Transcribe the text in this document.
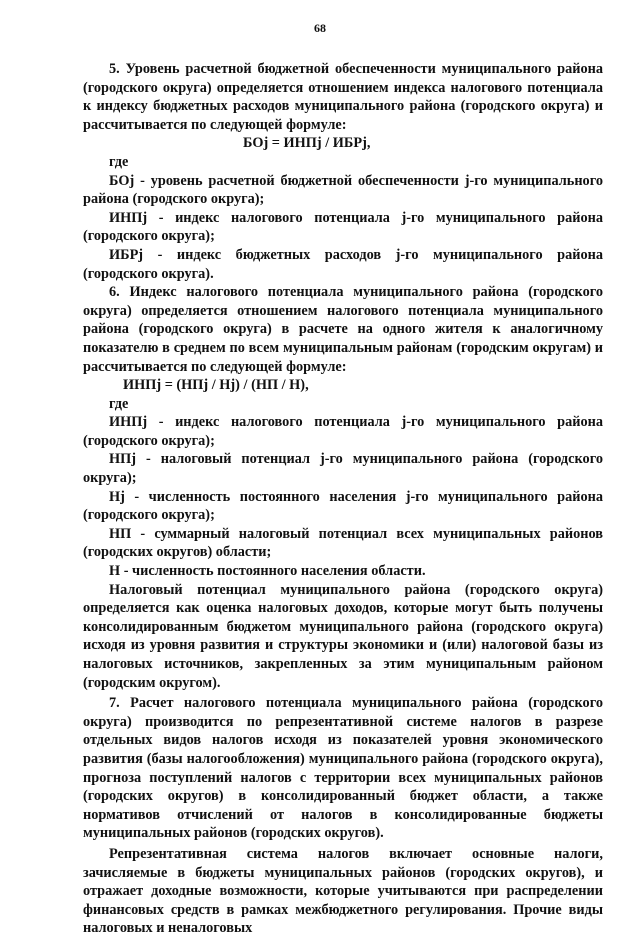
68

5. Уровень расчетной бюджетной обеспеченности муниципального района (городского округа) определяется отношением индекса налогового потенциала к индексу бюджетных расходов муниципального района (городского округа) и рассчитывается по следующей формуле:

БОj = ИНПj / ИБРj,

где

БОj - уровень расчетной бюджетной обеспеченности j-го муниципального района (городского округа);

ИНПj - индекс налогового потенциала j-го муниципального района (городского округа);

ИБРj - индекс бюджетных расходов j-го муниципального района (городского округа).

6. Индекс налогового потенциала муниципального района (городского округа) определяется отношением налогового потенциала муниципального района (городского округа) в расчете на одного жителя к аналогичному показателю в среднем по всем муниципальным районам (городским округам) и рассчитывается по следующей формуле:

ИНПj = (НПj / Hj) / (НП / Н),

где

ИНПj - индекс налогового потенциала j-го муниципального района (городского округа);

НПj - налоговый потенциал j-го муниципального района (городского округа);

Hj - численность постоянного населения j-го муниципального района (городского округа);

НП - суммарный налоговый потенциал всех муниципальных районов (городских округов) области;

Н - численность постоянного населения области.

Налоговый потенциал муниципального района (городского округа) определяется как оценка налоговых доходов, которые могут быть получены консолидированным бюджетом муниципального района (городского округа) исходя из уровня развития и структуры экономики и (или) налоговой базы из налоговых источников, закрепленных за этим муниципальным районом (городским округом).

7. Расчет налогового потенциала муниципального района (городского округа) производится по репрезентативной системе налогов в разрезе отдельных видов налогов исходя из показателей уровня экономического развития (базы налогообложения) муниципального района (городского округа), прогноза поступлений налогов с территории всех муниципальных районов (городских округов) в консолидированный бюджет области, а также нормативов отчислений от налогов в консолидированные бюджеты муниципальных районов (городских округов).

Репрезентативная система налогов включает основные налоги, зачисляемые в бюджеты муниципальных районов (городских округов), и отражает доходные возможности, которые учитываются при распределении финансовых средств в рамках межбюджетного регулирования. Прочие виды налоговых и неналоговых
